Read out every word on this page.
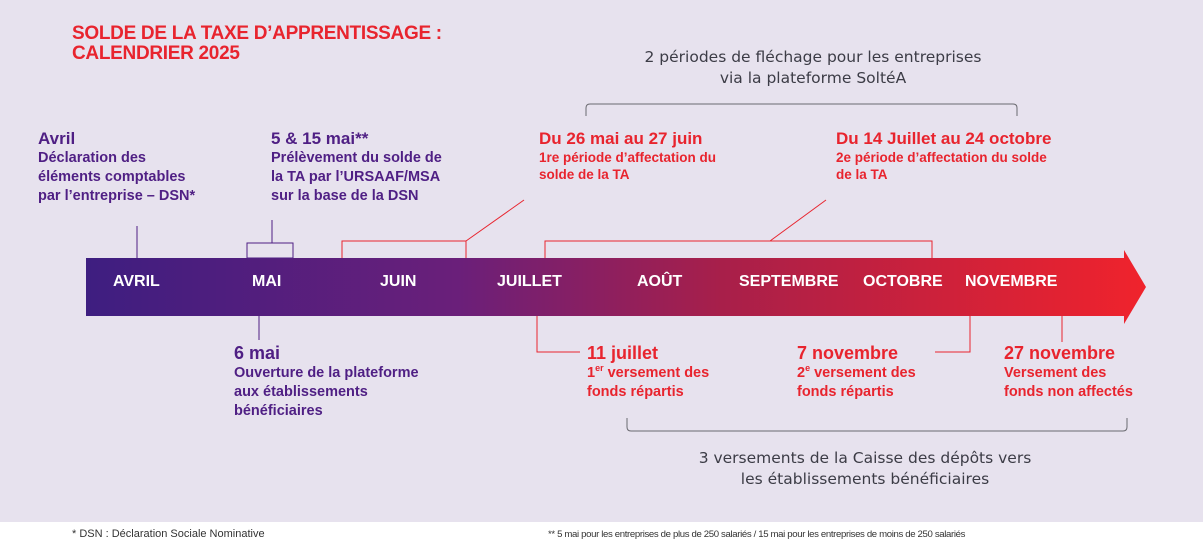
SOLDE DE LA TAXE D’APPRENTISSAGE :
CALENDRIER 2025	2 périodes de fléchage pour les entreprises
via la plateforme SoltéA
AVRIL	MAI	JUIN	JUILLET	AOÛT	SEPTEMBRE OCTOBRE NOVEMBRE
Avril
Déclaration des
éléments comptables
par l’entreprise – DSN*
5 & 15 mai**
Prélèvement du solde de
la TA par l’URSAAF/MSA
sur la base de la DSN
Du 26 mai au 27 juin
1re période d’affectation du
solde de la TA
Du 14 Juillet au 24 octobre
2e période d’affectation du solde
de la TA
6 mai
Ouverture de la plateforme
aux établissements
bénéficiaires
11 juillet
1er versement des
fonds répartis
7 novembre
2e versement des
fonds répartis
27 novembre
Versement des
fonds non affectés
3 versements de la Caisse des dépôts vers
les établissements bénéficiaires
* DSN : Déclaration Sociale Nominative	** 5 mai pour les entreprises de plus de 250 salariés / 15 mai pour les entreprises de moins de 250 salariés
